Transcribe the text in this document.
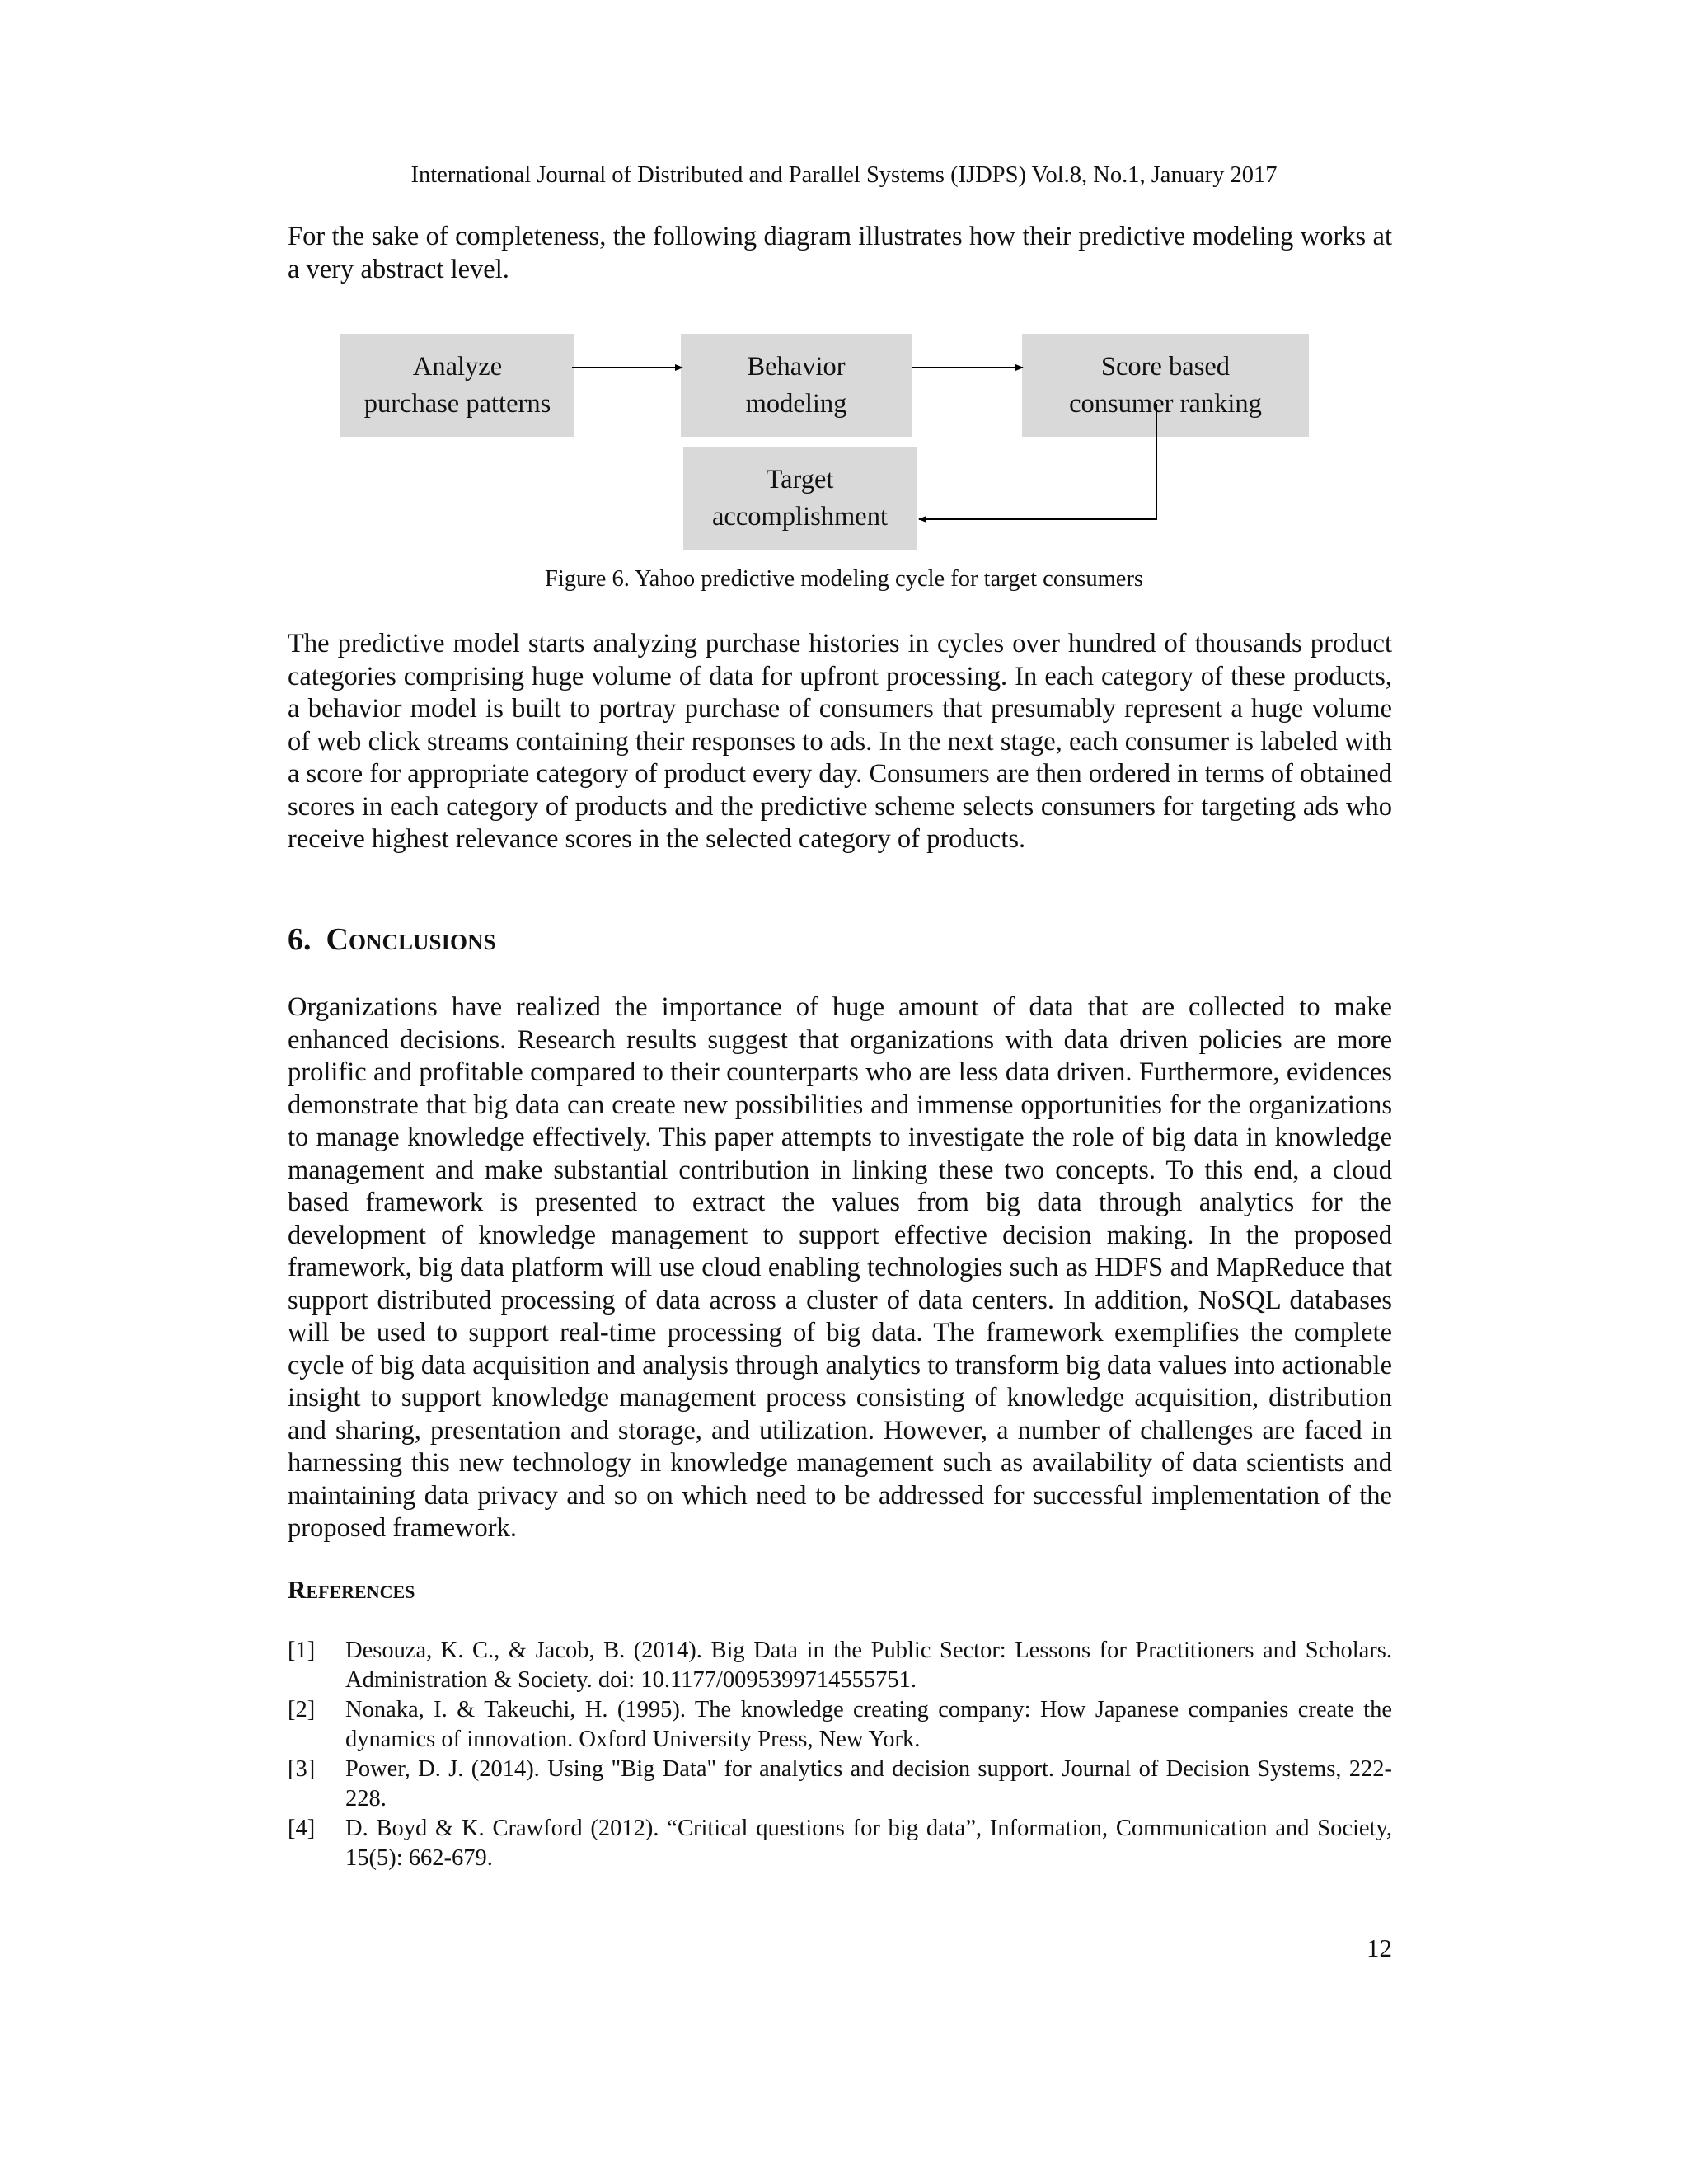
International Journal of Distributed and Parallel Systems (IJDPS) Vol.8, No.1, January 2017

For the sake of completeness, the following diagram illustrates how their predictive modeling works at a very abstract level.

Analyze
purchase patterns
Behavior
modeling
Score based
consumer ranking
Target
accomplishment
Figure 6. Yahoo predictive modeling cycle for target consumers

The predictive model starts analyzing purchase histories in cycles over hundred of thousands product categories comprising huge volume of data for upfront processing. In each category of these products, a behavior model is built to portray purchase of consumers that presumably represent a huge volume of web click streams containing their responses to ads. In the next stage, each consumer is labeled with a score for appropriate category of product every day. Consumers are then ordered in terms of obtained scores in each category of products and the predictive scheme selects consumers for targeting ads who receive highest relevance scores in the selected category of products.

6. Conclusions

Organizations have realized the importance of huge amount of data that are collected to make enhanced decisions. Research results suggest that organizations with data driven policies are more prolific and profitable compared to their counterparts who are less data driven. Furthermore, evidences demonstrate that big data can create new possibilities and immense opportunities for the organizations to manage knowledge effectively. This paper attempts to investigate the role of big data in knowledge management and make substantial contribution in linking these two concepts. To this end, a cloud based framework is presented to extract the values from big data through analytics for the development of knowledge management to support effective decision making. In the proposed framework, big data platform will use cloud enabling technologies such as HDFS and MapReduce that support distributed processing of data across a cluster of data centers. In addition, NoSQL databases will be used to support real-time processing of big data. The framework exemplifies the complete cycle of big data acquisition and analysis through analytics to transform big data values into actionable insight to support knowledge management process consisting of knowledge acquisition, distribution and sharing, presentation and storage, and utilization. However, a number of challenges are faced in harnessing this new technology in knowledge management such as availability of data scientists and maintaining data privacy and so on which need to be addressed for successful implementation of the proposed framework.

References
[1] Desouza, K. C., & Jacob, B. (2014). Big Data in the Public Sector: Lessons for Practitioners and Scholars. Administration & Society. doi: 10.1177/0095399714555751.
[2] Nonaka, I. & Takeuchi, H. (1995). The knowledge creating company: How Japanese companies create the dynamics of innovation. Oxford University Press, New York.
[3] Power, D. J. (2014). Using "Big Data" for analytics and decision support. Journal of Decision Systems, 222-228.
[4] D. Boyd & K. Crawford (2012). “Critical questions for big data”, Information, Communication and Society, 15(5): 662-679.
12
